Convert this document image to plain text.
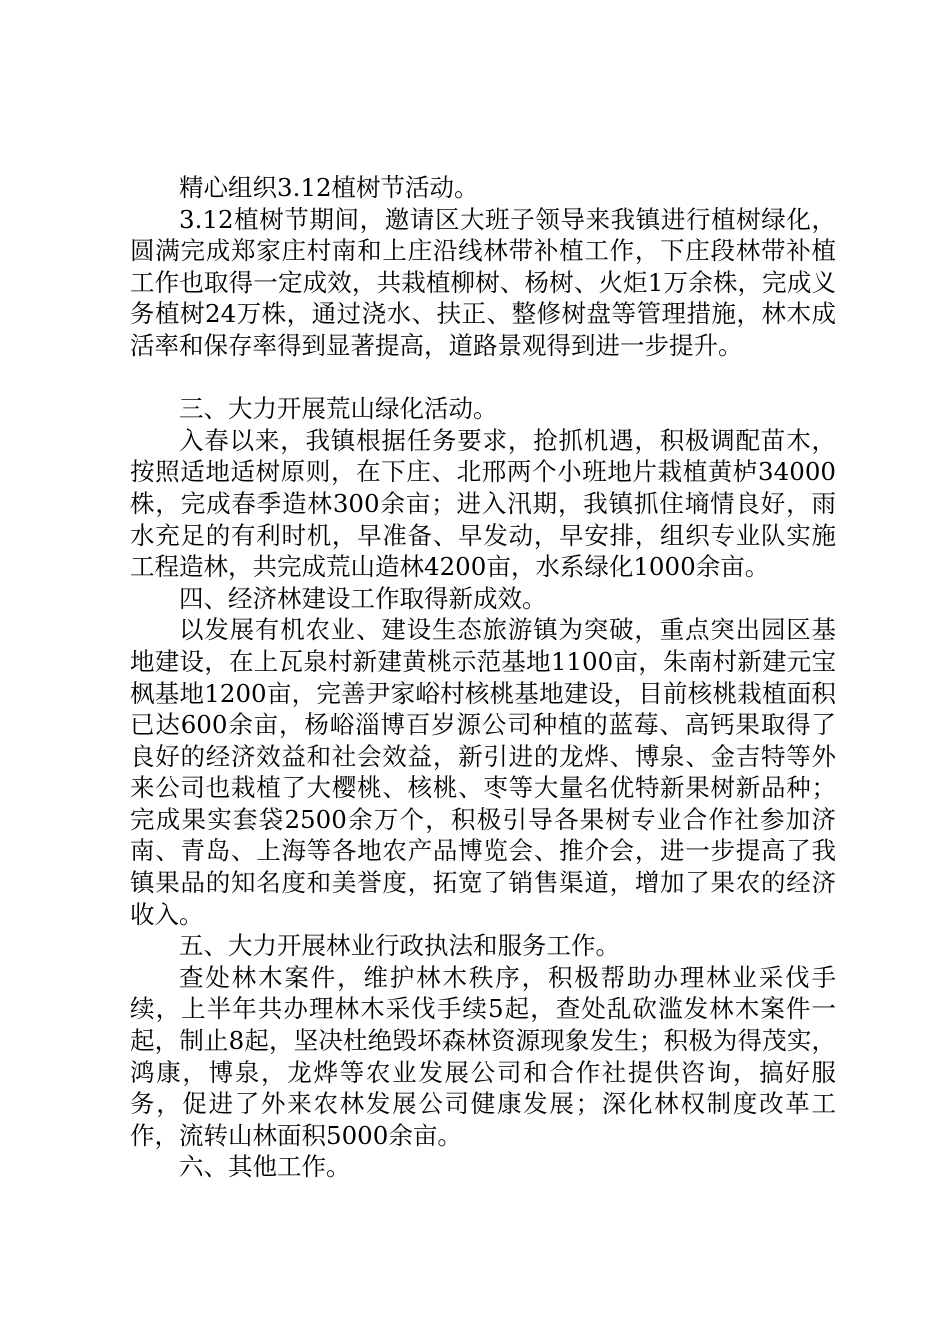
精心组织3.12植树节活动。

3.12植树节期间，邀请区大班子领导来我镇进行植树绿化，圆满完成郑家庄村南和上庄沿线林带补植工作，下庄段林带补植工作也取得一定成效，共栽植柳树、杨树、火炬1万余株，完成义务植树24万株，通过浇水、扶正、整修树盘等管理措施，林木成活率和保存率得到显著提高，道路景观得到进一步提升。

三、大力开展荒山绿化活动。

入春以来，我镇根据任务要求，抢抓机遇，积极调配苗木，按照适地适树原则，在下庄、北邢两个小班地片栽植黄栌34000株，完成春季造林300余亩；进入汛期，我镇抓住墒情良好，雨水充足的有利时机，早准备、早发动，早安排，组织专业队实施工程造林，共完成荒山造林4200亩，水系绿化1000余亩。

四、经济林建设工作取得新成效。

以发展有机农业、建设生态旅游镇为突破，重点突出园区基地建设，在上瓦泉村新建黄桃示范基地1100亩，朱南村新建元宝枫基地1200亩，完善尹家峪村核桃基地建设，目前核桃栽植面积已达600余亩，杨峪淄博百岁源公司种植的蓝莓、高钙果取得了良好的经济效益和社会效益，新引进的龙烨、博泉、金吉特等外来公司也栽植了大樱桃、核桃、枣等大量名优特新果树新品种；完成果实套袋2500余万个，积极引导各果树专业合作社参加济南、青岛、上海等各地农产品博览会、推介会，进一步提高了我镇果品的知名度和美誉度，拓宽了销售渠道，增加了果农的经济收入。

五、大力开展林业行政执法和服务工作。

查处林木案件，维护林木秩序，积极帮助办理林业采伐手续，上半年共办理林木采伐手续5起，查处乱砍滥发林木案件一起，制止8起，坚决杜绝毁坏森林资源现象发生；积极为得茂实，鸿康，博泉，龙烨等农业发展公司和合作社提供咨询，搞好服务，促进了外来农林发展公司健康发展；深化林权制度改革工作，流转山林面积5000余亩。

六、其他工作。
